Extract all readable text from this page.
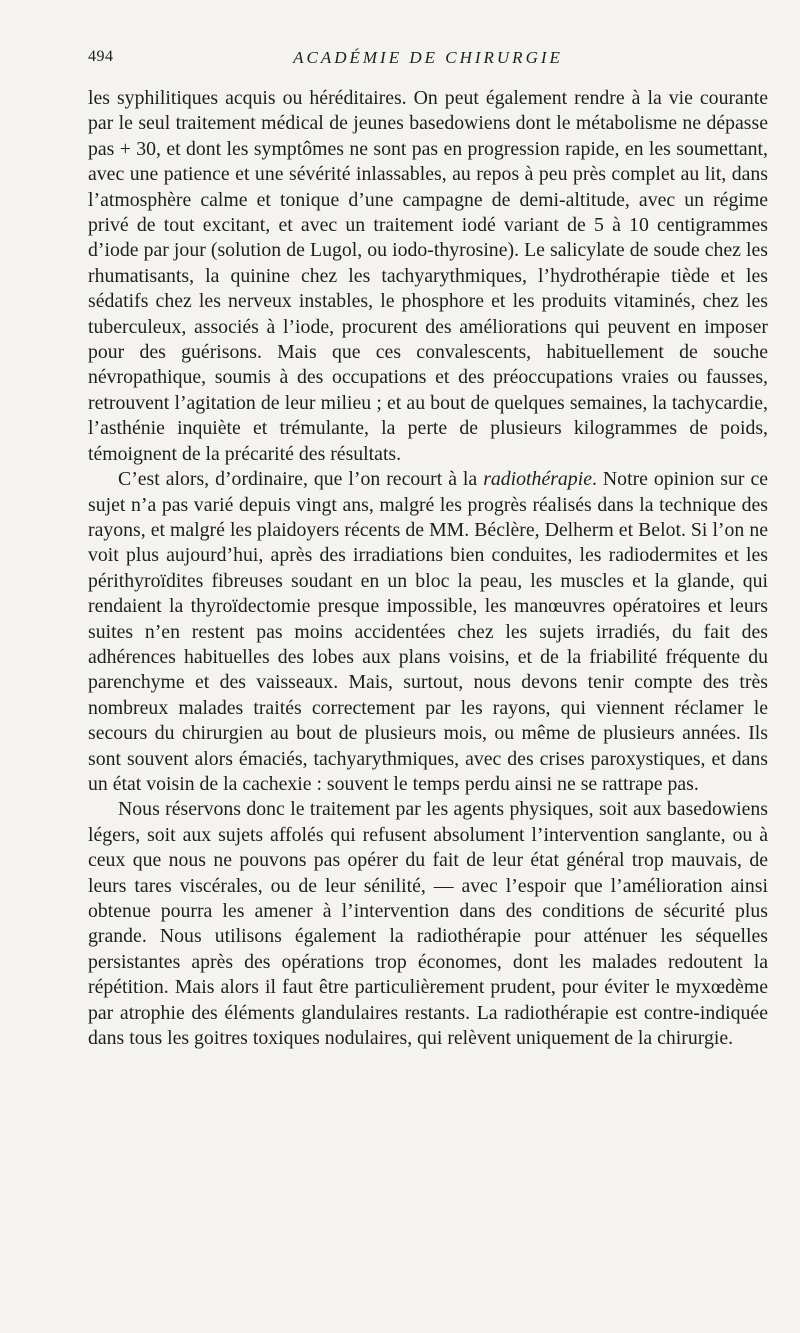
494	ACADÉMIE DE CHIRURGIE

les syphilitiques acquis ou héréditaires. On peut également rendre à la vie courante par le seul traitement médical de jeunes basedowiens dont le métabolisme ne dépasse pas + 30, et dont les symptômes ne sont pas en progression rapide, en les soumettant, avec une patience et une sévérité inlassables, au repos à peu près complet au lit, dans l’atmosphère calme et tonique d’une campagne de demi-altitude, avec un régime privé de tout excitant, et avec un traitement iodé variant de 5 à 10 centigrammes d’iode par jour (solution de Lugol, ou iodo-thyrosine). Le salicylate de soude chez les rhumatisants, la quinine chez les tachyarythmiques, l’hydrothérapie tiède et les sédatifs chez les nerveux instables, le phosphore et les produits vitaminés, chez les tuberculeux, associés à l’iode, procurent des améliorations qui peuvent en imposer pour des guérisons. Mais que ces convalescents, habituellement de souche névropathique, soumis à des occupations et des préoccupations vraies ou fausses, retrouvent l’agitation de leur milieu ; et au bout de quelques semaines, la tachycardie, l’asthénie inquiète et trémulante, la perte de plusieurs kilogrammes de poids, témoignent de la précarité des résultats.

C’est alors, d’ordinaire, que l’on recourt à la radiothérapie. Notre opinion sur ce sujet n’a pas varié depuis vingt ans, malgré les progrès réalisés dans la technique des rayons, et malgré les plaidoyers récents de MM. Béclère, Delherm et Belot. Si l’on ne voit plus aujourd’hui, après des irradiations bien conduites, les radiodermites et les périthyroïdites fibreuses soudant en un bloc la peau, les muscles et la glande, qui rendaient la thyroïdectomie presque impossible, les manœuvres opératoires et leurs suites n’en restent pas moins accidentées chez les sujets irradiés, du fait des adhérences habituelles des lobes aux plans voisins, et de la friabilité fréquente du parenchyme et des vaisseaux. Mais, surtout, nous devons tenir compte des très nombreux malades traités correctement par les rayons, qui viennent réclamer le secours du chirurgien au bout de plusieurs mois, ou même de plusieurs années. Ils sont souvent alors émaciés, tachyarythmiques, avec des crises paroxystiques, et dans un état voisin de la cachexie : souvent le temps perdu ainsi ne se rattrape pas.

Nous réservons donc le traitement par les agents physiques, soit aux basedowiens légers, soit aux sujets affolés qui refusent absolument l’intervention sanglante, ou à ceux que nous ne pouvons pas opérer du fait de leur état général trop mauvais, de leurs tares viscérales, ou de leur sénilité, — avec l’espoir que l’amélioration ainsi obtenue pourra les amener à l’intervention dans des conditions de sécurité plus grande. Nous utilisons également la radiothérapie pour atténuer les séquelles persistantes après des opérations trop économes, dont les malades redoutent la répétition. Mais alors il faut être particulièrement prudent, pour éviter le myxœdème par atrophie des éléments glandulaires restants. La radiothérapie est contre-indiquée dans tous les goitres toxiques nodulaires, qui relèvent uniquement de la chirurgie.
